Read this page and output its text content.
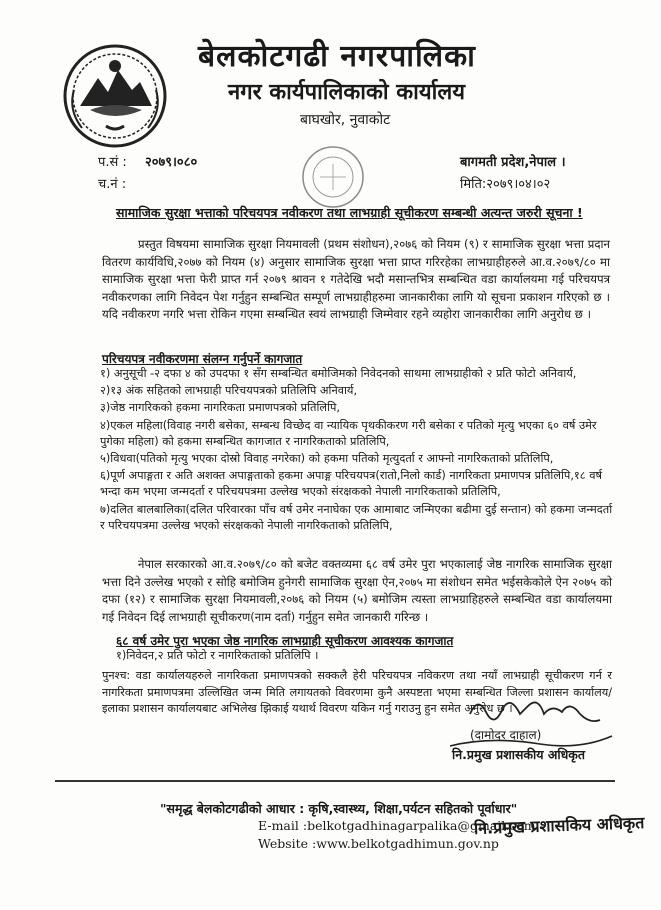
बेलकोटगढी नगरपालिका
नगर कार्यपालिकाको कार्यालय
बाघखोर, नुवाकोट
प.सं : २०७९।०८०
च.नं :
बागमती प्रदेश,नेपाल ।
मिति:२०७९।०४।०२
सामाजिक सुरक्षा भत्ताको परिचयपत्र नवीकरण तथा लाभग्राही सूचीकरण सम्बन्धी अत्यन्त जरुरी सूचना !
प्रस्तुत विषयमा सामाजिक सुरक्षा नियमावली (प्रथम संशोधन),२०७६ को नियम (९) र सामाजिक सुरक्षा भत्ता प्रदान वितरण कार्यविधि,२०७७ को नियम (४) अनुसार सामाजिक सुरक्षा भत्ता प्राप्त गरिरहेका लाभग्राहीहरुले आ.व.२०७९/८० मा सामाजिक सुरक्षा भत्ता फेरी प्राप्त गर्न २०७९ श्रावन १ गतेदेखि भदौ मसान्तभित्र सम्बन्धित वडा कार्यालयमा गई परिचयपत्र नवीकरणका लागि निवेदन पेश गर्नुहुन सम्बन्धित सम्पूर्ण लाभग्राहीहरुमा जानकारीका लागि यो सूचना प्रकाशन गरिएको छ । यदि नवीकरण नगरि भत्ता रोकिन गएमा सम्बन्धित स्वयं लाभग्राही जिम्मेवार रहने व्यहोरा जानकारीका लागि अनुरोध छ ।
परिचयपत्र नवीकरणमा संलग्न गर्नुपर्ने कागजात
१) अनुसूची -२ दफा ४ को उपदफा १ सँग सम्बन्धित बमोजिमको निवेदनको साथमा लाभग्राहीको २ प्रति फोटो अनिवार्य,
२)१३ अंक सहितको लाभग्राही परिचयपत्रको प्रतिलिपि अनिवार्य,
३)जेष्ठ नागरिकको हकमा नागरिकता प्रमाणपत्रको प्रतिलिपि,
४)एकल महिला(विवाह नगरी बसेका, सम्बन्ध विच्छेद वा न्यायिक पृथकीकरण गरी बसेका र पतिको मृत्यु भएका ६० वर्ष उमेर पुगेका महिला) को हकमा सम्बन्धित कागजात र नागरिकताको प्रतिलिपि,
५)विधवा(पतिको मृत्यु भएका दोस्रो विवाह नगरेका) को हकमा पतिको मृत्युदर्ता र आफ्नो नागरिकताको प्रतिलिपि,
६)पूर्ण अपाङ्गता र अति अशक्त अपाङ्गताको हकमा अपाङ्ग परिचयपत्र(रातो,निलो कार्ड) नागरिकता प्रमाणपत्र प्रतिलिपि,१८ वर्ष भन्दा कम भएमा जन्मदर्ता र परिचयपत्रमा उल्लेख भएको संरक्षकको नेपाली नागरिकताको प्रतिलिपि,
७)दलित बालबालिका(दलित परिवारका पाँच वर्ष उमेर ननाघेका एक आमाबाट जन्मिएका बढीमा दुई सन्तान) को हकमा जन्मदर्ता र परिचयपत्रमा उल्लेख भएको संरक्षकको नेपाली नागरिकताको प्रतिलिपि,
नेपाल सरकारको आ.व.२०७९/८० को बजेट वक्तव्यमा ६८ वर्ष उमेर पुरा भएकालाई जेष्ठ नागरिक सामाजिक सुरक्षा भत्ता दिने उल्लेख भएको र सोहि बमोजिम हुनेगरी सामाजिक सुरक्षा ऐन,२०७५ मा संशोधन समेत भईसकेकोले ऐन २०७५ को दफा (१२) र सामाजिक सुरक्षा नियमावली,२०७६ को नियम (५) बमोजिम त्यस्ता लाभग्राहिहरुले सम्बन्धित वडा कार्यालयमा गई निवेदन दिई लाभग्राही सूचीकरण(नाम दर्ता) गर्नुहुन समेत जानकारी गरिन्छ ।
६८ वर्ष उमेर पुरा भएका जेष्ठ नागरिक लाभग्राही सूचीकरण आवश्यक कागजात
१)निवेदन,२ प्रति फोटो र नागरिकताको प्रतिलिपि ।
पुनश्च: वडा कार्यालयहरुले नागरिकता प्रमाणपत्रको सक्कलै हेरी परिचयपत्र नविकरण तथा नयाँ लाभग्राही सूचीकरण गर्न र नागरिकता प्रमाणपत्रमा उल्लिखित जन्म मिति लगायतको विवरणमा कुनै अस्पष्टता भएमा सम्बन्धित जिल्ला प्रशासन कार्यालय/इलाका प्रशासन कार्यालयबाट अभिलेख झिकाई यथार्थ विवरण यकिन गर्नु गराउनु हुन समेत अनुरोध छ ।
(दामोदर दाहाल)
नि.प्रमुख प्रशासकीय अधिकृत
"समृद्ध बेलकोटगढीको आधार : कृषि,स्वास्थ्य, शिक्षा,पर्यटन सहितको पूर्वाधार"
E-mail :belkotgadhinagarpalika@gmail.com
Website :www.belkotgadhimun.gov.np
नि.प्रमुख प्रशासकिय अधिकृत
